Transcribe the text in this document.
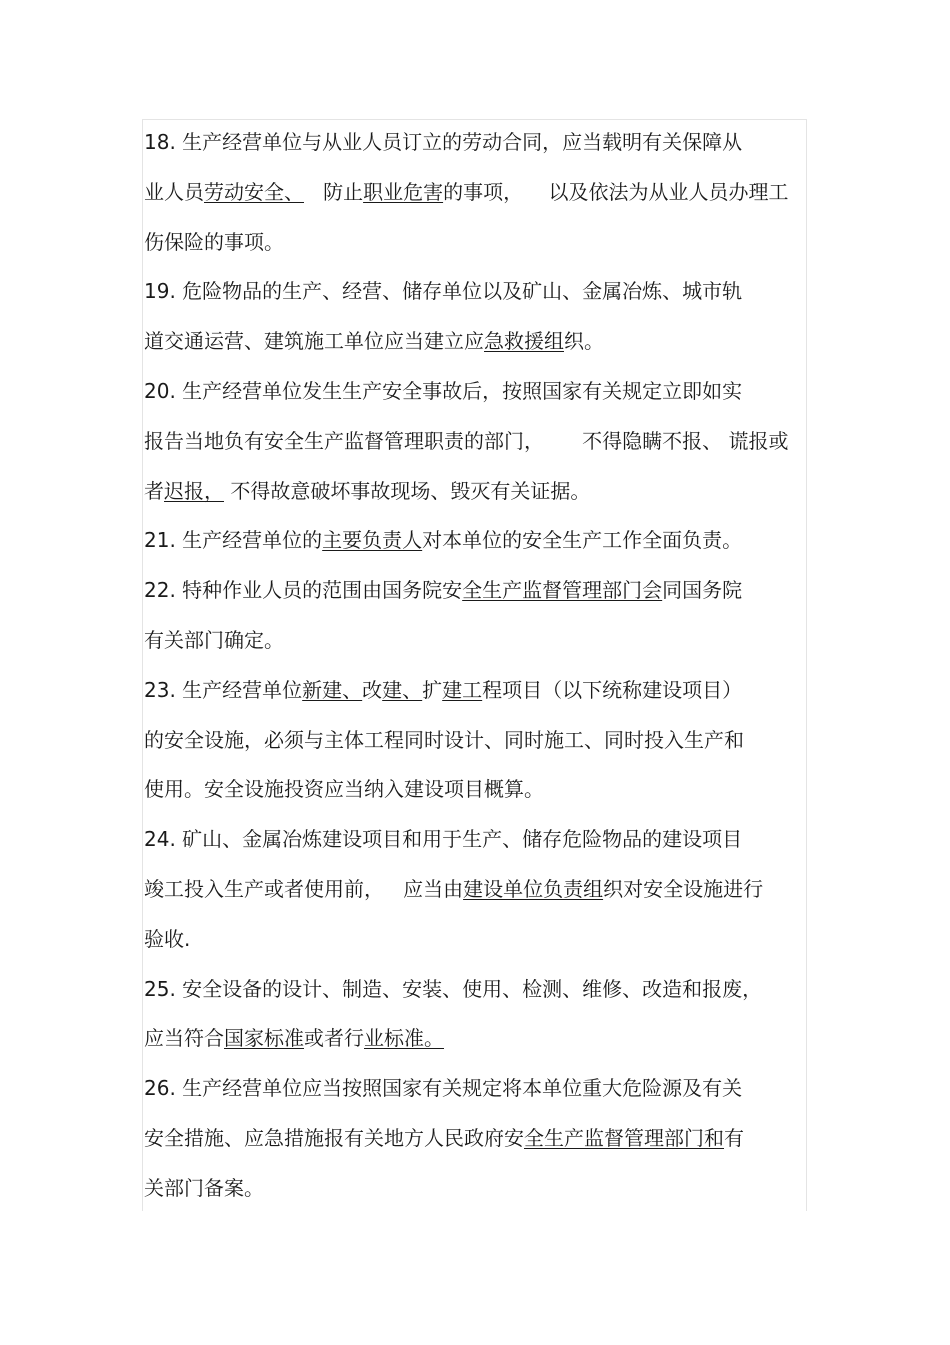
18. 生产经营单位与从业人员订立的劳动合同，应当载明有关保障从
业人员劳动安全、   防止职业危害的事项，    以及依法为从业人员办理工
伤保险的事项。
19. 危险物品的生产、经营、储存单位以及矿山、金属冶炼、城市轨
道交通运营、建筑施工单位应当建立应急救援组织。
20. 生产经营单位发生生产安全事故后，按照国家有关规定立即如实
报告当地负有安全生产监督管理职责的部门，      不得隐瞒不报、 谎报或
者迟报， 不得故意破坏事故现场、毁灭有关证据。
21. 生产经营单位的主要负责人对本单位的安全生产工作全面负责。
22. 特种作业人员的范围由国务院安全生产监督管理部门会同国务院
有关部门确定。
23. 生产经营单位新建、改建、扩建工程项目（以下统称建设项目）
的安全设施，必须与主体工程同时设计、同时施工、同时投入生产和
使用。安全设施投资应当纳入建设项目概算。
24. 矿山、金属冶炼建设项目和用于生产、储存危险物品的建设项目
竣工投入生产或者使用前，   应当由建设单位负责组织对安全设施进行
验收.
25. 安全设备的设计、制造、安装、使用、检测、维修、改造和报废，
应当符合国家标准或者行业标准。
26. 生产经营单位应当按照国家有关规定将本单位重大危险源及有关
安全措施、应急措施报有关地方人民政府安全生产监督管理部门和有
关部门备案。
